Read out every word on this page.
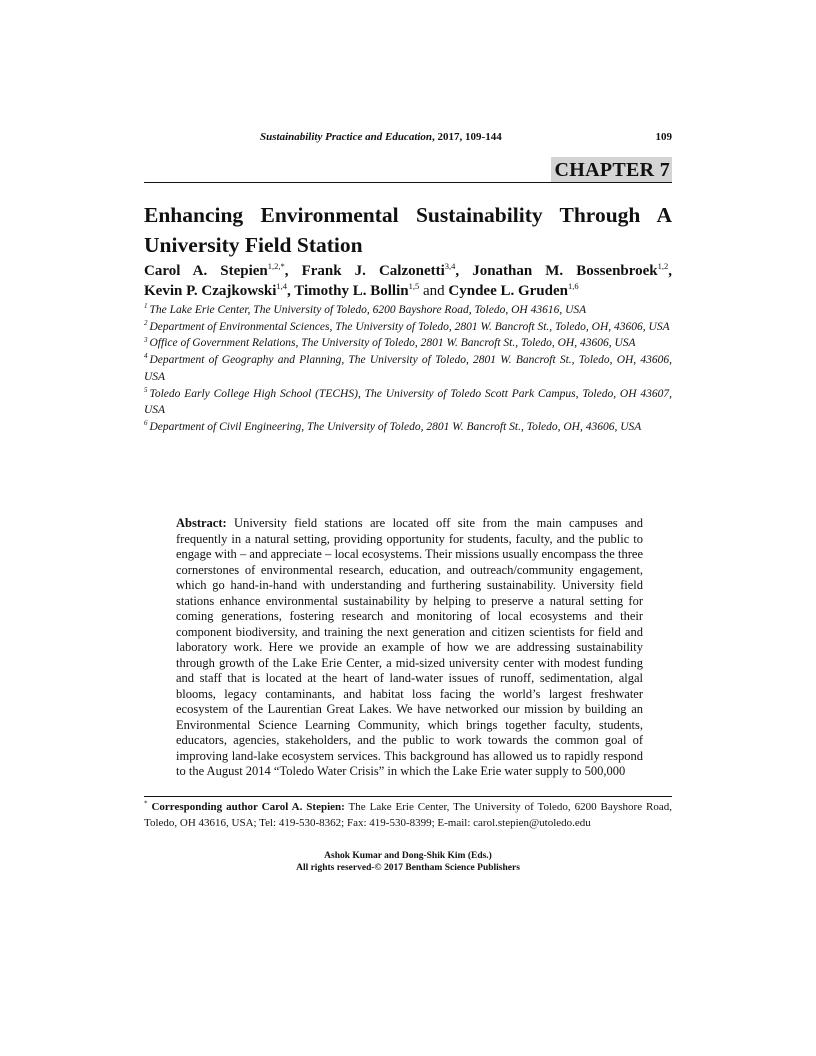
Sustainability Practice and Education, 2017, 109-144	109
CHAPTER 7
Enhancing Environmental Sustainability Through A University Field Station

Carol A. Stepien$^{1,2,*}$, Frank J. Calzonetti$^{3,4}$, Jonathan M. Bossenbroek$^{1,2}$,
Kevin P. Czajkowski$^{1,4}$, Timothy L. Bollin$^{1,5}$ and Cyndee L. Gruden$^{1,6}$

$^1$ The Lake Erie Center, The University of Toledo, 6200 Bayshore Road, Toledo, OH 43616, USA
$^2$ Department of Environmental Sciences, The University of Toledo, 2801 W. Bancroft St., Toledo, OH, 43606, USA
$^3$ Office of Government Relations, The University of Toledo, 2801 W. Bancroft St., Toledo, OH, 43606, USA
$^4$ Department of Geography and Planning, The University of Toledo, 2801 W. Bancroft St., Toledo, OH, 43606, USA
$^5$ Toledo Early College High School (TECHS), The University of Toledo Scott Park Campus, Toledo, OH 43607, USA
$^6$ Department of Civil Engineering, The University of Toledo, 2801 W. Bancroft St., Toledo, OH, 43606, USA

Abstract: University field stations are located off site from the main campuses and frequently in a natural setting, providing opportunity for students, faculty, and the public to engage with – and appreciate – local ecosystems. Their missions usually encompass the three cornerstones of environmental research, education, and outreach/community engagement, which go hand-in-hand with understanding and furthering sustainability. University field stations enhance environmental sustainability by helping to preserve a natural setting for coming generations, fostering research and monitoring of local ecosystems and their component biodiversity, and training the next generation and citizen scientists for field and laboratory work. Here we provide an example of how we are addressing sustainability through growth of the Lake Erie Center, a mid-sized university center with modest funding and staff that is located at the heart of land-water issues of runoff, sedimentation, algal blooms, legacy contaminants, and habitat loss facing the world’s largest freshwater ecosystem of the Laurentian Great Lakes. We have networked our mission by building an Environmental Science Learning Community, which brings together faculty, students, educators, agencies, stakeholders, and the public to work towards the common goal of improving land-lake ecosystem services. This background has allowed us to rapidly respond to the August 2014 “Toledo Water Crisis” in which the Lake Erie water supply to 500,000

* Corresponding author Carol A. Stepien: The Lake Erie Center, The University of Toledo, 6200 Bayshore Road, Toledo, OH 43616, USA; Tel: 419-530-8362; Fax: 419-530-8399; E-mail: carol.stepien@utoledo.edu

Ashok Kumar and Dong-Shik Kim (Eds.)
All rights reserved-© 2017 Bentham Science Publishers
